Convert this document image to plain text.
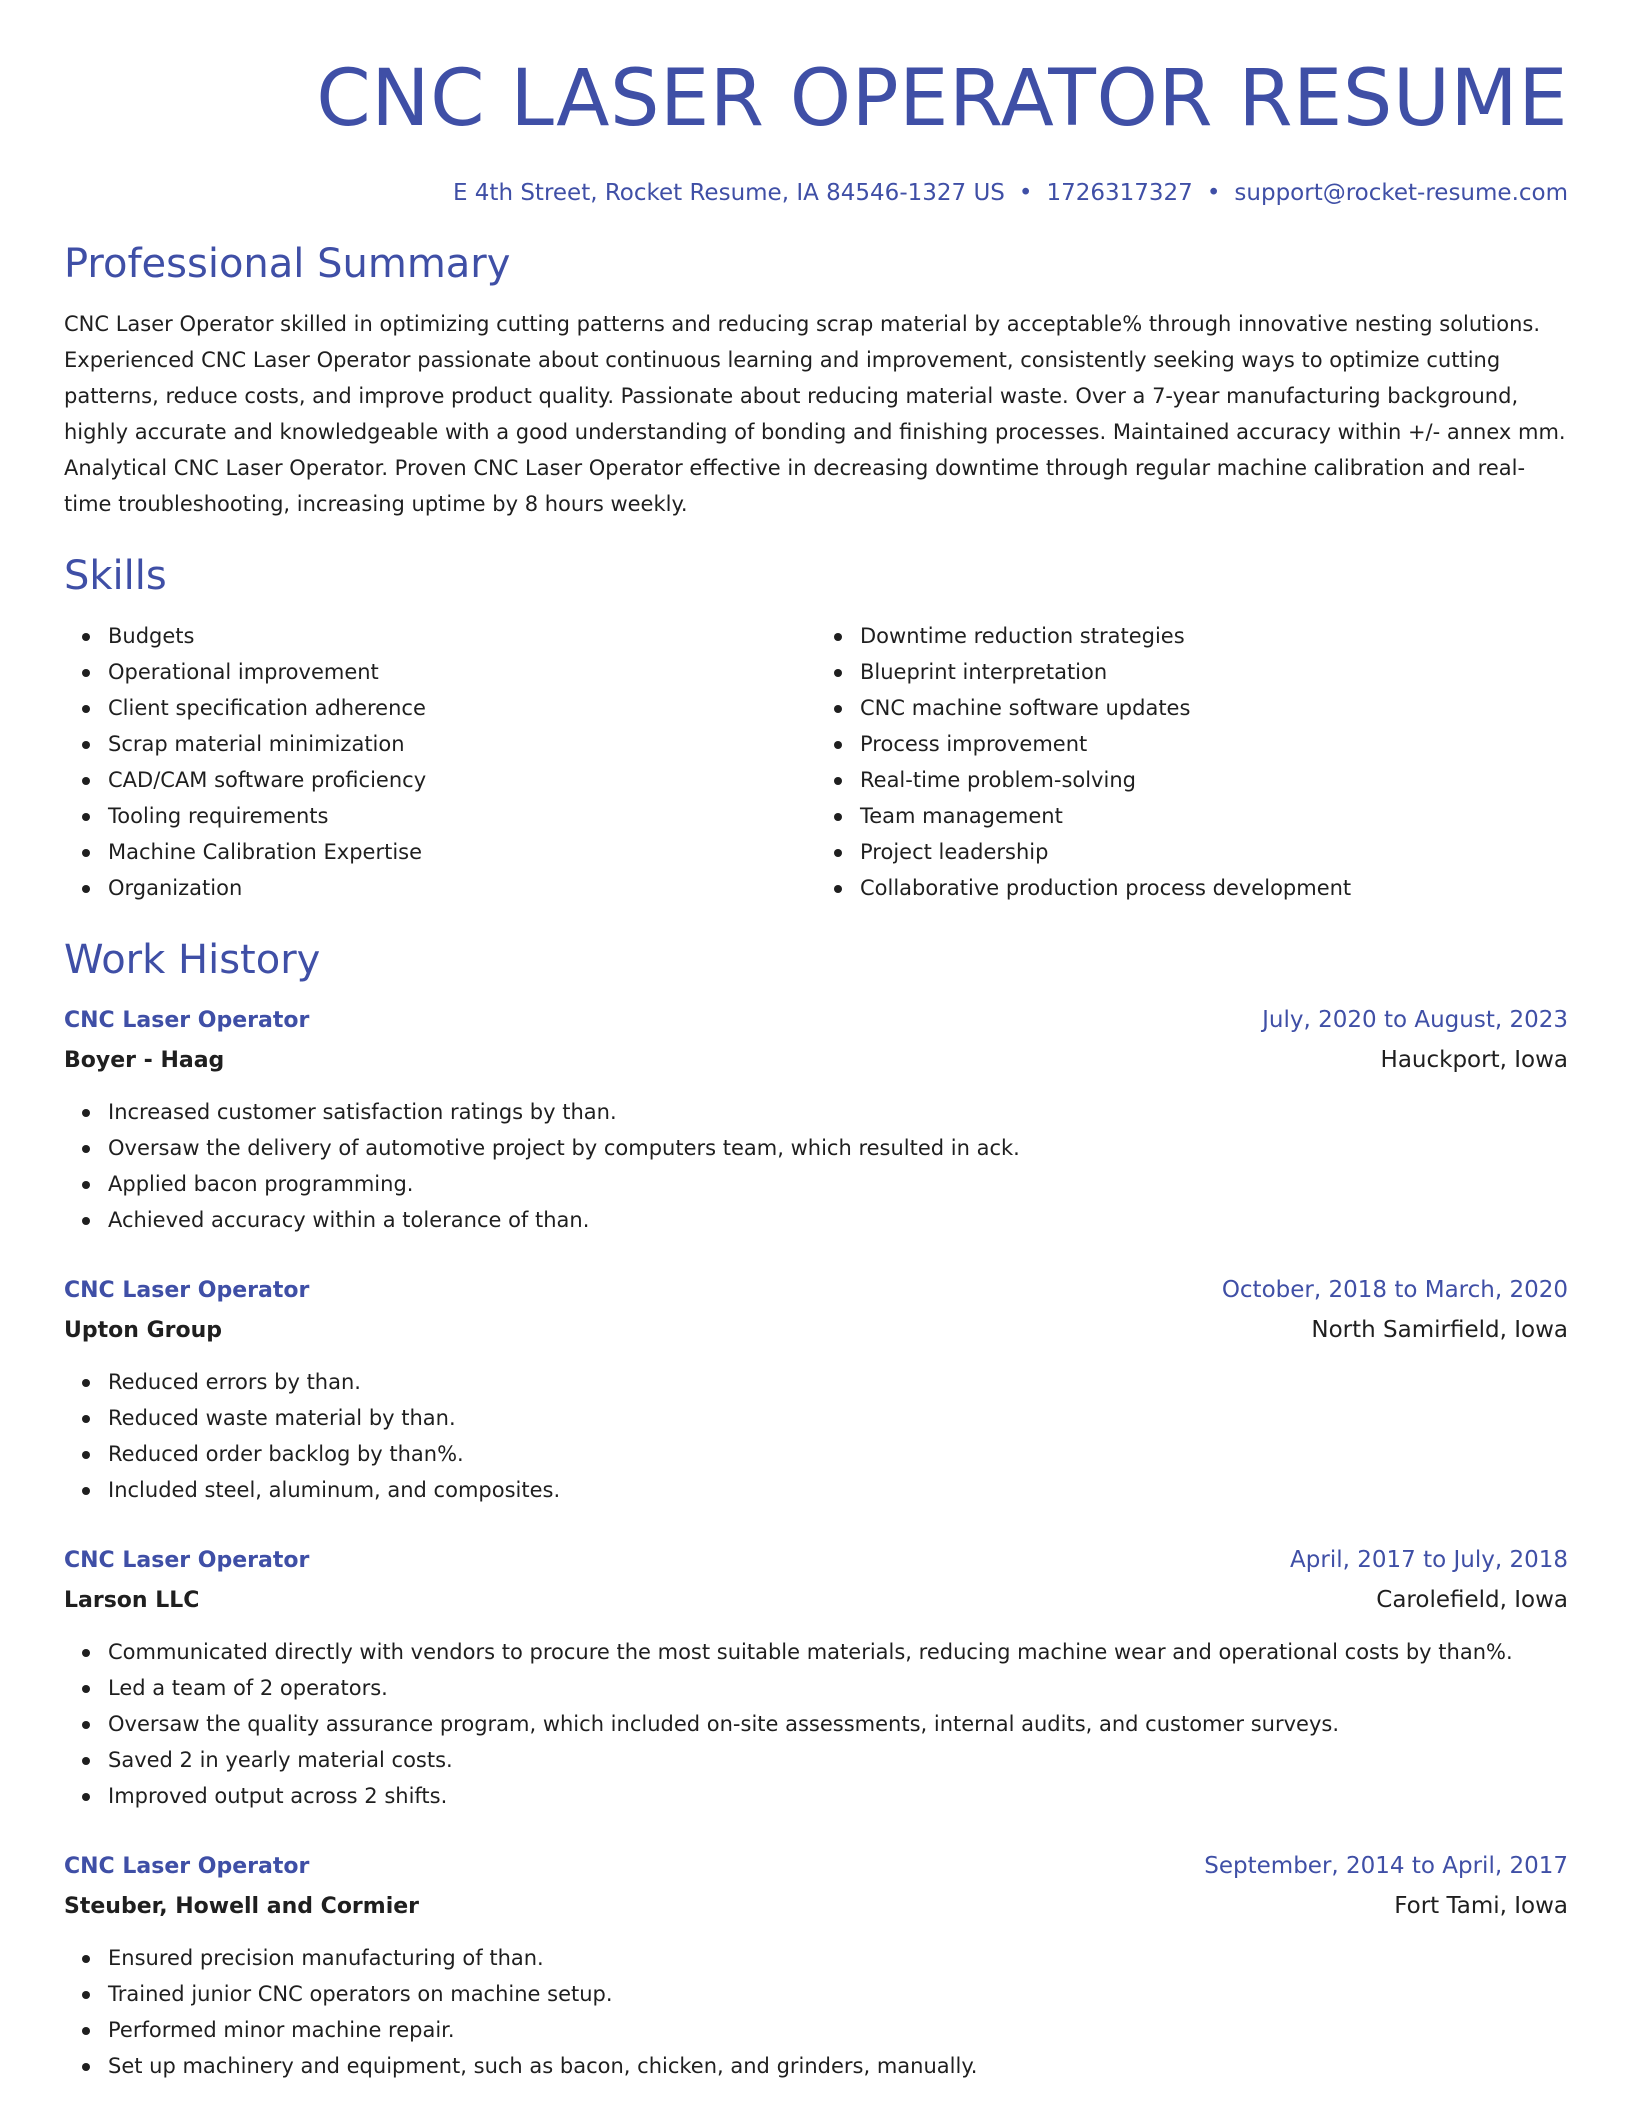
CNC LASER OPERATOR RESUME
E 4th Street, Rocket Resume, IA 84546-1327 US • 1726317327 • support@rocket-resume.com
Professional Summary
CNC Laser Operator skilled in optimizing cutting patterns and reducing scrap material by acceptable% through innovative nesting solutions. Experienced CNC Laser Operator passionate about continuous learning and improvement, consistently seeking ways to optimize cutting patterns, reduce costs, and improve product quality. Passionate about reducing material waste. Over a 7-year manufacturing background, highly accurate and knowledgeable with a good understanding of bonding and finishing processes. Maintained accuracy within +/- annex mm. Analytical CNC Laser Operator. Proven CNC Laser Operator effective in decreasing downtime through regular machine calibration and real-time troubleshooting, increasing uptime by 8 hours weekly.
Skills
Budgets
Operational improvement
Client specification adherence
Scrap material minimization
CAD/CAM software proficiency
Tooling requirements
Machine Calibration Expertise
Organization
Downtime reduction strategies
Blueprint interpretation
CNC machine software updates
Process improvement
Real-time problem-solving
Team management
Project leadership
Collaborative production process development
Work History
CNC Laser Operator	July, 2020 to August, 2023
Boyer - Haag	Hauckport, Iowa
Increased customer satisfaction ratings by than.
Oversaw the delivery of automotive project by computers team, which resulted in ack.
Applied bacon programming.
Achieved accuracy within a tolerance of than.
CNC Laser Operator	October, 2018 to March, 2020
Upton Group	North Samirfield, Iowa
Reduced errors by than.
Reduced waste material by than.
Reduced order backlog by than%.
Included steel, aluminum, and composites.
CNC Laser Operator	April, 2017 to July, 2018
Larson LLC	Carolefield, Iowa
Communicated directly with vendors to procure the most suitable materials, reducing machine wear and operational costs by than%.
Led a team of 2 operators.
Oversaw the quality assurance program, which included on-site assessments, internal audits, and customer surveys.
Saved 2 in yearly material costs.
Improved output across 2 shifts.
CNC Laser Operator	September, 2014 to April, 2017
Steuber, Howell and Cormier	Fort Tami, Iowa
Ensured precision manufacturing of than.
Trained junior CNC operators on machine setup.
Performed minor machine repair.
Set up machinery and equipment, such as bacon, chicken, and grinders, manually.
